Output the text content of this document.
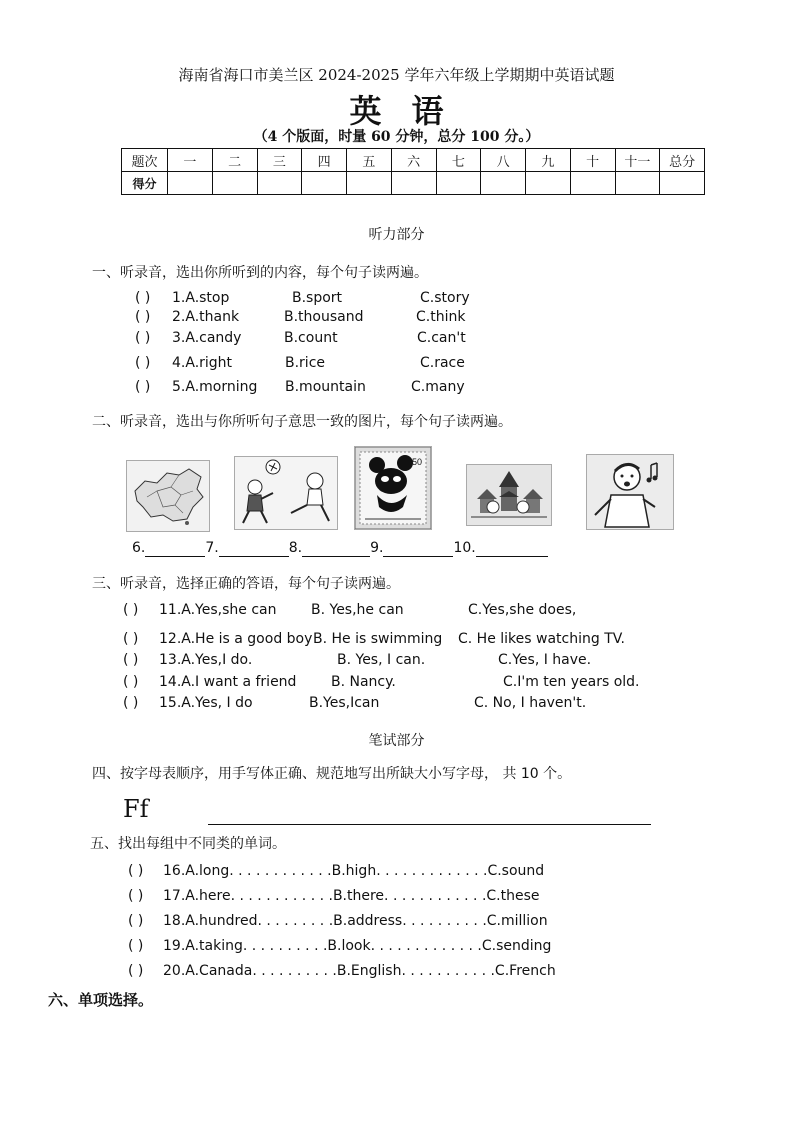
海南省海口市美兰区 2024-2025 学年六年级上学期期中英语试题
英语
（4 个版面，时量 60 分钟，总分 100 分。）
题次	一	二	三	四	五	六	七	八	九	十	十一	总分
得分												
听力部分
一、听录音，选出你所听到的内容，每个句子读两遍。
( ) 1.A.stop	B.sport	C.story
( ) 2.A.thank	B.thousand	C.think
( ) 3.A.candy	B.count	C.can't
( ) 4.A.right	B.rice	C.race
( ) 5.A.morning B.mountain	C.many
二、听录音，选出与你所听句子意思一致的图片，每个句子读两遍。
50
6.	7.	8.	9.	10.
三、听录音，选择正确的答语，每个句子读两遍。
( ) 11.A.Yes,she can B. Yes,he can	C.Yes,she does,
( ) 12.A.He is a good boy B. He is swimming C. He likes watching TV.
( ) 13.A.Yes,I do.	B. Yes, I can.	C.Yes, I have.
( ) 14.A.I want a friend B. Nancy.	C.I'm ten years old.
( ) 15.A.Yes, I do	B.Yes,Ican	C. No, I haven't.
笔试部分
四、按字母表顺序，用手写体正确、规范地写出所缺大小写字母， 共 10 个。
Ff
五、找出每组中不同类的单词。
( ) 16.A.long. . . . . . . . . . . .B.high. . . . . . . . . . . . .C.sound
( ) 17.A.here. . . . . . . . . . . .B.there. . . . . . . . . . . .C.these
( ) 18.A.hundred. . . . . . . . .B.address. . . . . . . . . .C.million
( ) 19.A.taking. . . . . . . . . .B.look. . . . . . . . . . . . .C.sending
( ) 20.A.Canada. . . . . . . . . .B.English. . . . . . . . . . .C.French
六、单项选择。
